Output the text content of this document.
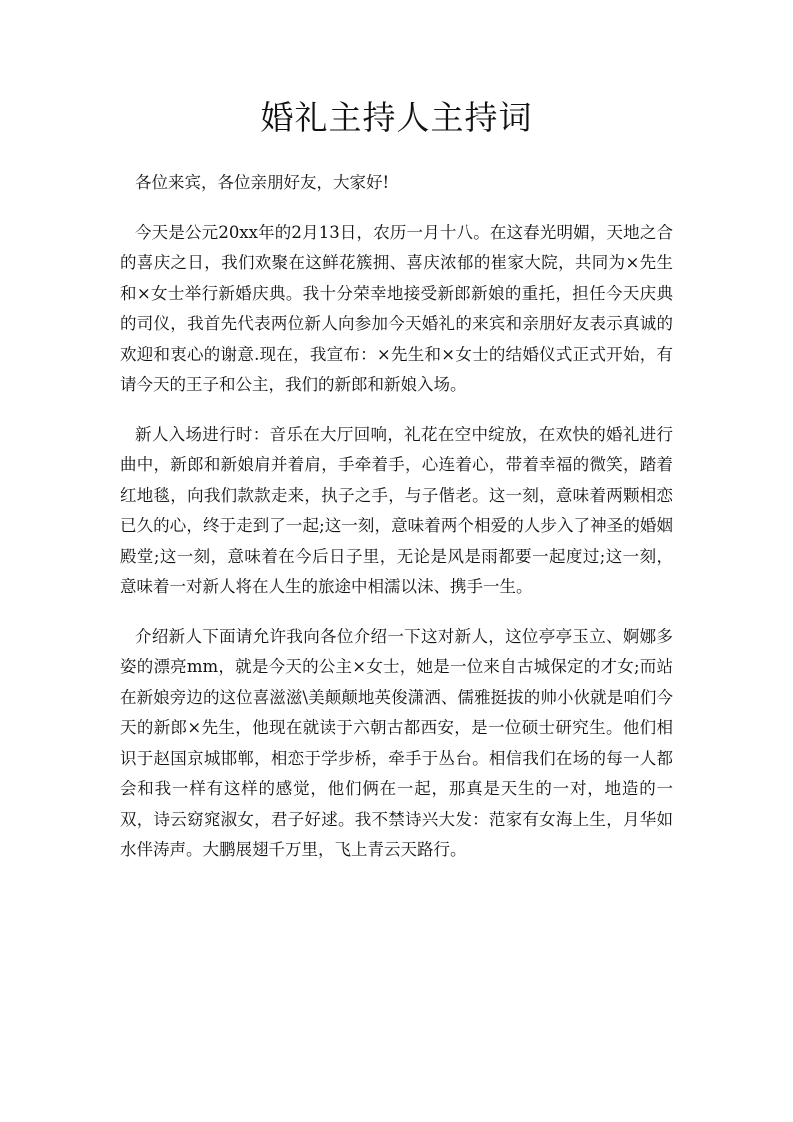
婚礼主持人主持词

各位来宾，各位亲朋好友，大家好!

今天是公元20xx年的2月13日，农历一月十八。在这春光明媚，天地之合的喜庆之日，我们欢聚在这鲜花簇拥、喜庆浓郁的崔家大院，共同为×先生和×女士举行新婚庆典。我十分荣幸地接受新郎新娘的重托，担任今天庆典的司仪，我首先代表两位新人向参加今天婚礼的来宾和亲朋好友表示真诚的欢迎和衷心的谢意.现在，我宣布：×先生和×女士的结婚仪式正式开始，有请今天的王子和公主，我们的新郎和新娘入场。

新人入场进行时：音乐在大厅回响，礼花在空中绽放，在欢快的婚礼进行曲中，新郎和新娘肩并着肩，手牵着手，心连着心，带着幸福的微笑，踏着红地毯，向我们款款走来，执子之手，与子偕老。这一刻，意味着两颗相恋已久的心，终于走到了一起;这一刻，意味着两个相爱的人步入了神圣的婚姻殿堂;这一刻，意味着在今后日子里，无论是风是雨都要一起度过;这一刻，意味着一对新人将在人生的旅途中相濡以沫、携手一生。

介绍新人下面请允许我向各位介绍一下这对新人，这位亭亭玉立、婀娜多姿的漂亮mm，就是今天的公主×女士，她是一位来自古城保定的才女;而站在新娘旁边的这位喜滋滋\美颠颠地英俊潇洒、儒雅挺拔的帅小伙就是咱们今天的新郎×先生，他现在就读于六朝古都西安，是一位硕士研究生。他们相识于赵国京城邯郸，相恋于学步桥，牵手于丛台。相信我们在场的每一人都会和我一样有这样的感觉，他们俩在一起，那真是天生的一对，地造的一双，诗云窈窕淑女，君子好逑。我不禁诗兴大发：范家有女海上生，月华如水伴涛声。大鹏展翅千万里，飞上青云天路行。
